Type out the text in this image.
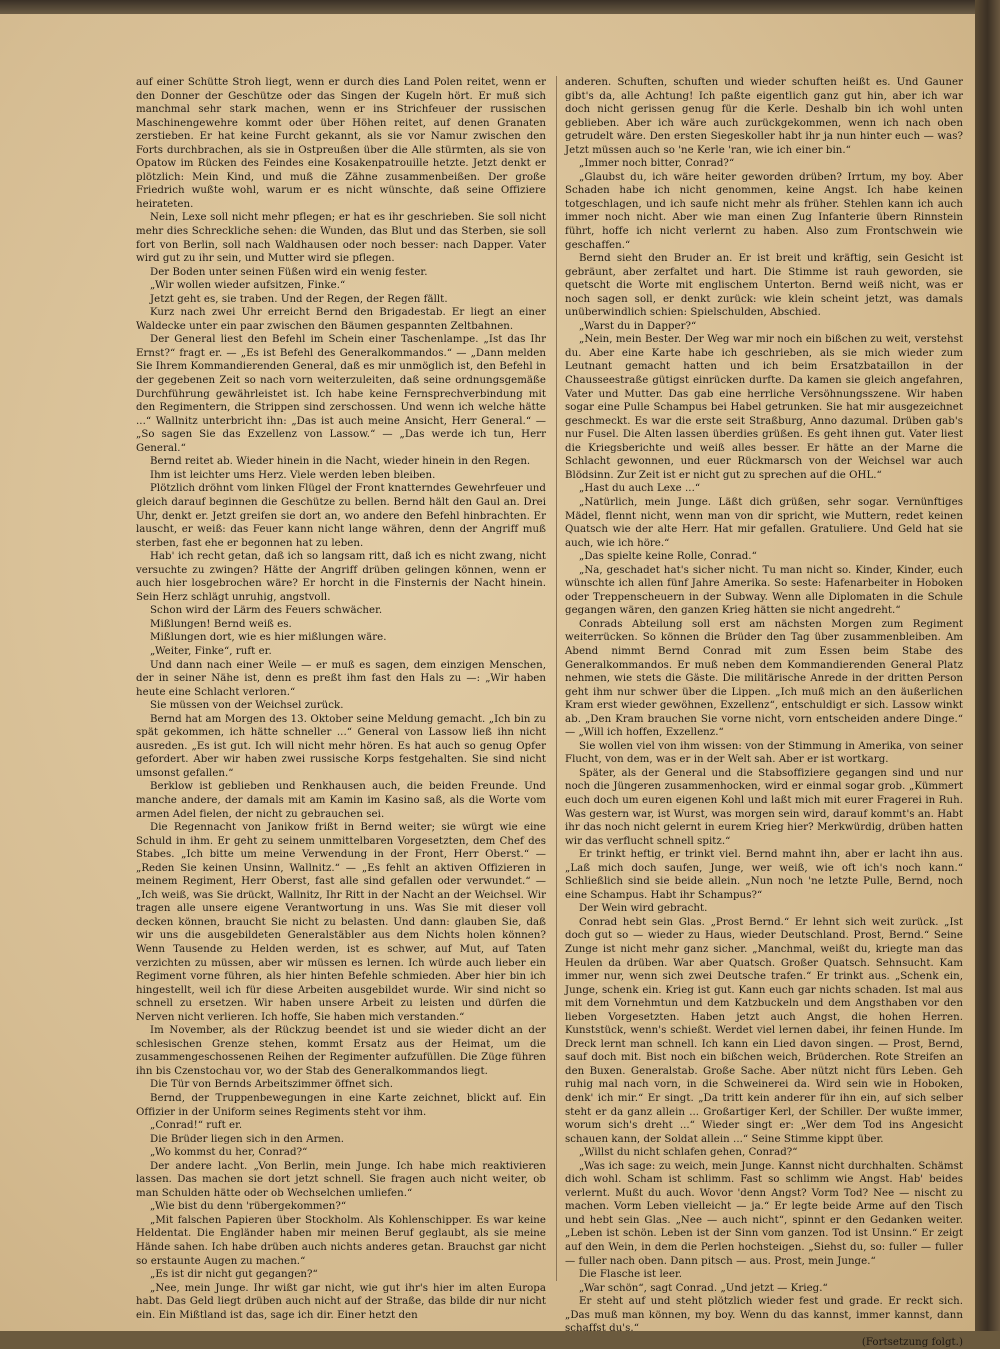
auf einer Schütte Stroh liegt, wenn er durch dies Land Polen reitet, wenn er den Donner der Geschütze oder das Singen der Kugeln hört. Er muß sich manchmal sehr stark machen, wenn er ins Strichfeuer der russischen Maschinengewehre kommt oder über Höhen reitet, auf denen Granaten zerstieben. Er hat keine Furcht gekannt, als sie vor Namur zwischen den Forts durchbrachen, als sie in Ostpreußen über die Alle stürmten, als sie von Opatow im Rücken des Feindes eine Kosakenpatrouille hetzte. Jetzt denkt er plötzlich: Mein Kind, und muß die Zähne zusammenbeißen. Der große Friedrich wußte wohl, warum er es nicht wünschte, daß seine Offiziere heirateten.

Nein, Lexe soll nicht mehr pflegen; er hat es ihr geschrieben. Sie soll nicht mehr dies Schreckliche sehen: die Wunden, das Blut und das Sterben, sie soll fort von Berlin, soll nach Waldhausen oder noch besser: nach Dapper. Vater wird gut zu ihr sein, und Mutter wird sie pflegen.

Der Boden unter seinen Füßen wird ein wenig fester.

„Wir wollen wieder aufsitzen, Finke.“

Jetzt geht es, sie traben. Und der Regen, der Regen fällt.

Kurz nach zwei Uhr erreicht Bernd den Brigadestab. Er liegt an einer Waldecke unter ein paar zwischen den Bäumen gespannten Zeltbahnen.

Der General liest den Befehl im Schein einer Taschenlampe. „Ist das Ihr Ernst?“ fragt er. — „Es ist Befehl des Generalkommandos.“ — „Dann melden Sie Ihrem Kommandierenden General, daß es mir unmöglich ist, den Befehl in der gegebenen Zeit so nach vorn weiterzuleiten, daß seine ordnungsgemäße Durchführung gewährleistet ist. Ich habe keine Fernsprechverbindung mit den Regimentern, die Strippen sind zerschossen. Und wenn ich welche hätte ...“ Wallnitz unterbricht ihn: „Das ist auch meine Ansicht, Herr General.“ — „So sagen Sie das Exzellenz von Lassow.“ — „Das werde ich tun, Herr General.“

Bernd reitet ab. Wieder hinein in die Nacht, wieder hinein in den Regen.

Ihm ist leichter ums Herz. Viele werden leben bleiben.

Plötzlich dröhnt vom linken Flügel der Front knatterndes Gewehrfeuer und gleich darauf beginnen die Geschütze zu bellen. Bernd hält den Gaul an. Drei Uhr, denkt er. Jetzt greifen sie dort an, wo andere den Befehl hinbrachten. Er lauscht, er weiß: das Feuer kann nicht lange währen, denn der Angriff muß sterben, fast ehe er begonnen hat zu leben.

Hab' ich recht getan, daß ich so langsam ritt, daß ich es nicht zwang, nicht versuchte zu zwingen? Hätte der Angriff drüben gelingen können, wenn er auch hier losgebrochen wäre? Er horcht in die Finsternis der Nacht hinein. Sein Herz schlägt unruhig, angstvoll.

Schon wird der Lärm des Feuers schwächer.

Mißlungen! Bernd weiß es.

Mißlungen dort, wie es hier mißlungen wäre.

„Weiter, Finke“, ruft er.

Und dann nach einer Weile — er muß es sagen, dem einzigen Menschen, der in seiner Nähe ist, denn es preßt ihm fast den Hals zu —: „Wir haben heute eine Schlacht verloren.“

Sie müssen von der Weichsel zurück.

Bernd hat am Morgen des 13. Oktober seine Meldung gemacht. „Ich bin zu spät gekommen, ich hätte schneller ...“ General von Lassow ließ ihn nicht ausreden. „Es ist gut. Ich will nicht mehr hören. Es hat auch so genug Opfer gefordert. Aber wir haben zwei russische Korps festgehalten. Sie sind nicht umsonst gefallen.“

Berklow ist geblieben und Renkhausen auch, die beiden Freunde. Und manche andere, der damals mit am Kamin im Kasino saß, als die Worte vom armen Adel fielen, der nicht zu gebrauchen sei.

Die Regennacht von Janikow frißt in Bernd weiter; sie würgt wie eine Schuld in ihm. Er geht zu seinem unmittelbaren Vorgesetzten, dem Chef des Stabes. „Ich bitte um meine Verwendung in der Front, Herr Oberst.“ — „Reden Sie keinen Unsinn, Wallnitz.“ — „Es fehlt an aktiven Offizieren in meinem Regiment, Herr Oberst, fast alle sind gefallen oder verwundet.“ — „Ich weiß, was Sie drückt, Wallnitz, Ihr Ritt in der Nacht an der Weichsel. Wir tragen alle unsere eigene Verantwortung in uns. Was Sie mit dieser voll decken können, braucht Sie nicht zu belasten. Und dann: glauben Sie, daß wir uns die ausgebildeten Generalstäbler aus dem Nichts holen können? Wenn Tausende zu Helden werden, ist es schwer, auf Mut, auf Taten verzichten zu müssen, aber wir müssen es lernen. Ich würde auch lieber ein Regiment vorne führen, als hier hinten Befehle schmieden. Aber hier bin ich hingestellt, weil ich für diese Arbeiten ausgebildet wurde. Wir sind nicht so schnell zu ersetzen. Wir haben unsere Arbeit zu leisten und dürfen die Nerven nicht verlieren. Ich hoffe, Sie haben mich verstanden.“

Im November, als der Rückzug beendet ist und sie wieder dicht an der schlesischen Grenze stehen, kommt Ersatz aus der Heimat, um die zusammengeschossenen Reihen der Regimenter aufzufüllen. Die Züge führen ihn bis Czenstochau vor, wo der Stab des Generalkommandos liegt.

Die Tür von Bernds Arbeitszimmer öffnet sich.

Bernd, der Truppenbewegungen in eine Karte zeichnet, blickt auf. Ein Offizier in der Uniform seines Regiments steht vor ihm.

„Conrad!“ ruft er.

Die Brüder liegen sich in den Armen.

„Wo kommst du her, Conrad?“

Der andere lacht. „Von Berlin, mein Junge. Ich habe mich reaktivieren lassen. Das machen sie dort jetzt schnell. Sie fragen auch nicht weiter, ob man Schulden hätte oder ob Wechselchen umliefen.“

„Wie bist du denn 'rübergekommen?“

„Mit falschen Papieren über Stockholm. Als Kohlenschipper. Es war keine Heldentat. Die Engländer haben mir meinen Beruf geglaubt, als sie meine Hände sahen. Ich habe drüben auch nichts anderes getan. Brauchst gar nicht so erstaunte Augen zu machen.“

„Es ist dir nicht gut gegangen?“

„Nee, mein Junge. Ihr wißt gar nicht, wie gut ihr's hier im alten Europa habt. Das Geld liegt drüben auch nicht auf der Straße, das bilde dir nur nicht ein. Ein Mißtland ist das, sage ich dir. Einer hetzt den

anderen. Schuften, schuften und wieder schuften heißt es. Und Gauner gibt's da, alle Achtung! Ich paßte eigentlich ganz gut hin, aber ich war doch nicht gerissen genug für die Kerle. Deshalb bin ich wohl unten geblieben. Aber ich wäre auch zurückgekommen, wenn ich nach oben getrudelt wäre. Den ersten Siegeskoller habt ihr ja nun hinter euch — was? Jetzt müssen auch so 'ne Kerle 'ran, wie ich einer bin.“

„Immer noch bitter, Conrad?“

„Glaubst du, ich wäre heiter geworden drüben? Irrtum, my boy. Aber Schaden habe ich nicht genommen, keine Angst. Ich habe keinen totgeschlagen, und ich saufe nicht mehr als früher. Stehlen kann ich auch immer noch nicht. Aber wie man einen Zug Infanterie übern Rinnstein führt, hoffe ich nicht verlernt zu haben. Also zum Frontschwein wie geschaffen.“

Bernd sieht den Bruder an. Er ist breit und kräftig, sein Gesicht ist gebräunt, aber zerfaltet und hart. Die Stimme ist rauh geworden, sie quetscht die Worte mit englischem Unterton. Bernd weiß nicht, was er noch sagen soll, er denkt zurück: wie klein scheint jetzt, was damals unüberwindlich schien: Spielschulden, Abschied.

„Warst du in Dapper?“

„Nein, mein Bester. Der Weg war mir noch ein bißchen zu weit, verstehst du. Aber eine Karte habe ich geschrieben, als sie mich wieder zum Leutnant gemacht hatten und ich beim Ersatzbataillon in der Chausseestraße gütigst einrücken durfte. Da kamen sie gleich angefahren, Vater und Mutter. Das gab eine herrliche Versöhnungsszene. Wir haben sogar eine Pulle Schampus bei Habel getrunken. Sie hat mir ausgezeichnet geschmeckt. Es war die erste seit Straßburg, Anno dazumal. Drüben gab's nur Fusel. Die Alten lassen überdies grüßen. Es geht ihnen gut. Vater liest die Kriegsberichte und weiß alles besser. Er hätte an der Marne die Schlacht gewonnen, und euer Rückmarsch von der Weichsel war auch Blödsinn. Zur Zeit ist er nicht gut zu sprechen auf die OHL.“

„Hast du auch Lexe ...“

„Natürlich, mein Junge. Läßt dich grüßen, sehr sogar. Vernünftiges Mädel, flennt nicht, wenn man von dir spricht, wie Muttern, redet keinen Quatsch wie der alte Herr. Hat mir gefallen. Gratuliere. Und Geld hat sie auch, wie ich höre.“

„Das spielte keine Rolle, Conrad.“

„Na, geschadet hat's sicher nicht. Tu man nicht so. Kinder, Kinder, euch wünschte ich allen fünf Jahre Amerika. So seste: Hafenarbeiter in Hoboken oder Treppenscheuern in der Subway. Wenn alle Diplomaten in die Schule gegangen wären, den ganzen Krieg hätten sie nicht angedreht.“

Conrads Abteilung soll erst am nächsten Morgen zum Regiment weiterrücken. So können die Brüder den Tag über zusammenbleiben. Am Abend nimmt Bernd Conrad mit zum Essen beim Stabe des Generalkommandos. Er muß neben dem Kommandierenden General Platz nehmen, wie stets die Gäste. Die militärische Anrede in der dritten Person geht ihm nur schwer über die Lippen. „Ich muß mich an den äußerlichen Kram erst wieder gewöhnen, Exzellenz“, entschuldigt er sich. Lassow winkt ab. „Den Kram brauchen Sie vorne nicht, vorn entscheiden andere Dinge.“ — „Will ich hoffen, Exzellenz.“

Sie wollen viel von ihm wissen: von der Stimmung in Amerika, von seiner Flucht, von dem, was er in der Welt sah. Aber er ist wortkarg.

Später, als der General und die Stabsoffiziere gegangen sind und nur noch die Jüngeren zusammenhocken, wird er einmal sogar grob. „Kümmert euch doch um euren eigenen Kohl und laßt mich mit eurer Fragerei in Ruh. Was gestern war, ist Wurst, was morgen sein wird, darauf kommt's an. Habt ihr das noch nicht gelernt in eurem Krieg hier? Merkwürdig, drüben hatten wir das verflucht schnell spitz.“

Er trinkt heftig, er trinkt viel. Bernd mahnt ihn, aber er lacht ihn aus. „Laß mich doch saufen, Junge, wer weiß, wie oft ich's noch kann.“ Schließlich sind sie beide allein. „Nun noch 'ne letzte Pulle, Bernd, noch eine Schampus. Habt ihr Schampus?“

Der Wein wird gebracht.

Conrad hebt sein Glas. „Prost Bernd.“ Er lehnt sich weit zurück. „Ist doch gut so — wieder zu Haus, wieder Deutschland. Prost, Bernd.“ Seine Zunge ist nicht mehr ganz sicher. „Manchmal, weißt du, kriegte man das Heulen da drüben. War aber Quatsch. Großer Quatsch. Sehnsucht. Kam immer nur, wenn sich zwei Deutsche trafen.“ Er trinkt aus. „Schenk ein, Junge, schenk ein. Krieg ist gut. Kann euch gar nichts schaden. Ist mal aus mit dem Vornehmtun und dem Katzbuckeln und dem Angsthaben vor den lieben Vorgesetzten. Haben jetzt auch Angst, die hohen Herren. Kunststück, wenn's schießt. Werdet viel lernen dabei, ihr feinen Hunde. Im Dreck lernt man schnell. Ich kann ein Lied davon singen. — Prost, Bernd, sauf doch mit. Bist noch ein bißchen weich, Brüderchen. Rote Streifen an den Buxen. Generalstab. Große Sache. Aber nützt nicht fürs Leben. Geh ruhig mal nach vorn, in die Schweinerei da. Wird sein wie in Hoboken, denk' ich mir.“ Er singt. „Da tritt kein anderer für ihn ein, auf sich selber steht er da ganz allein ... Großartiger Kerl, der Schiller. Der wußte immer, worum sich's dreht ...“ Wieder singt er: „Wer dem Tod ins Angesicht schauen kann, der Soldat allein ...“ Seine Stimme kippt über.

„Willst du nicht schlafen gehen, Conrad?“

„Was ich sage: zu weich, mein Junge. Kannst nicht durchhalten. Schämst dich wohl. Scham ist schlimm. Fast so schlimm wie Angst. Hab' beides verlernt. Mußt du auch. Wovor 'denn Angst? Vorm Tod? Nee — nischt zu machen. Vorm Leben vielleicht — ja.“ Er legte beide Arme auf den Tisch und hebt sein Glas. „Nee — auch nicht“, spinnt er den Gedanken weiter. „Leben ist schön. Leben ist der Sinn vom ganzen. Tod ist Unsinn.“ Er zeigt auf den Wein, in dem die Perlen hochsteigen. „Siehst du, so: fuller — fuller — fuller nach oben. Dann pitsch — aus. Prost, mein Junge.“

Die Flasche ist leer.

„War schön“, sagt Conrad. „Und jetzt — Krieg.“

Er steht auf und steht plötzlich wieder fest und grade. Er reckt sich. „Das muß man können, my boy. Wenn du das kannst, immer kannst, dann schaffst du's.“

(Fortsetzung folgt.)
